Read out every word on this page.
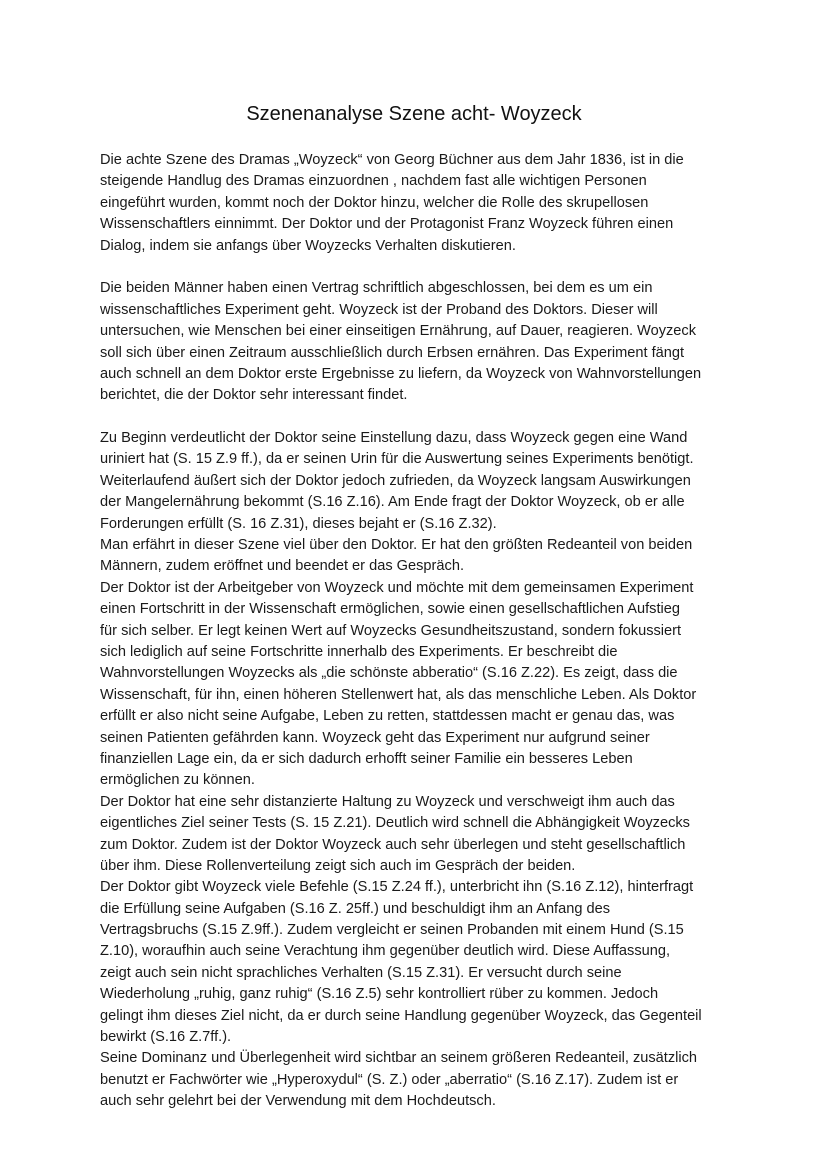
Szenenanalyse Szene acht- Woyzeck
Die achte Szene des Dramas „Woyzeck“ von Georg Büchner aus dem Jahr 1836, ist in die
steigende Handlug des Dramas einzuordnen , nachdem fast alle wichtigen Personen
eingeführt wurden, kommt noch der Doktor hinzu, welcher die Rolle des skrupellosen
Wissenschaftlers einnimmt. Der Doktor und der Protagonist Franz Woyzeck führen einen
Dialog, indem sie anfangs über Woyzecks Verhalten diskutieren.
Die beiden Männer haben einen Vertrag schriftlich abgeschlossen, bei dem es um ein
wissenschaftliches Experiment geht. Woyzeck ist der Proband des Doktors. Dieser will
untersuchen, wie Menschen bei einer einseitigen Ernährung, auf Dauer, reagieren. Woyzeck
soll sich über einen Zeitraum ausschließlich durch Erbsen ernähren. Das Experiment fängt
auch schnell an dem Doktor erste Ergebnisse zu liefern, da Woyzeck von Wahnvorstellungen
berichtet, die der Doktor sehr interessant findet.
Zu Beginn verdeutlicht der Doktor seine Einstellung dazu, dass Woyzeck gegen eine Wand
uriniert hat (S. 15 Z.9 ff.), da er seinen Urin für die Auswertung seines Experiments benötigt.
Weiterlaufend äußert sich der Doktor jedoch zufrieden, da Woyzeck langsam Auswirkungen
der Mangelernährung bekommt (S.16 Z.16). Am Ende fragt der Doktor Woyzeck, ob er alle
Forderungen erfüllt (S. 16 Z.31), dieses bejaht er (S.16 Z.32).
Man erfährt in dieser Szene viel über den Doktor. Er hat den größten Redeanteil von beiden
Männern, zudem eröffnet und beendet er das Gespräch.
Der Doktor ist der Arbeitgeber von Woyzeck und möchte mit dem gemeinsamen Experiment
einen Fortschritt in der Wissenschaft ermöglichen, sowie einen gesellschaftlichen Aufstieg
für sich selber. Er legt keinen Wert auf Woyzecks Gesundheitszustand, sondern fokussiert
sich lediglich auf seine Fortschritte innerhalb des Experiments. Er beschreibt die
Wahnvorstellungen Woyzecks als „die schönste abberatio“ (S.16 Z.22). Es zeigt, dass die
Wissenschaft, für ihn, einen höheren Stellenwert hat, als das menschliche Leben. Als Doktor
erfüllt er also nicht seine Aufgabe, Leben zu retten, stattdessen macht er genau das, was
seinen Patienten gefährden kann. Woyzeck geht das Experiment nur aufgrund seiner
finanziellen Lage ein, da er sich dadurch erhofft seiner Familie ein besseres Leben
ermöglichen zu können.
Der Doktor hat eine sehr distanzierte Haltung zu Woyzeck und verschweigt ihm auch das
eigentliches Ziel seiner Tests (S. 15 Z.21). Deutlich wird schnell die Abhängigkeit Woyzecks
zum Doktor. Zudem ist der Doktor Woyzeck auch sehr überlegen und steht gesellschaftlich
über ihm. Diese Rollenverteilung zeigt sich auch im Gespräch der beiden.
Der Doktor gibt Woyzeck viele Befehle (S.15 Z.24 ff.), unterbricht ihn (S.16 Z.12), hinterfragt
die Erfüllung seine Aufgaben (S.16 Z. 25ff.) und beschuldigt ihm an Anfang des
Vertragsbruchs (S.15 Z.9ff.). Zudem vergleicht er seinen Probanden mit einem Hund (S.15
Z.10), woraufhin auch seine Verachtung ihm gegenüber deutlich wird. Diese Auffassung,
zeigt auch sein nicht sprachliches Verhalten (S.15 Z.31). Er versucht durch seine
Wiederholung „ruhig, ganz ruhig“ (S.16 Z.5) sehr kontrolliert rüber zu kommen. Jedoch
gelingt ihm dieses Ziel nicht, da er durch seine Handlung gegenüber Woyzeck, das Gegenteil
bewirkt (S.16 Z.7ff.).
Seine Dominanz und Überlegenheit wird sichtbar an seinem größeren Redeanteil, zusätzlich
benutzt er Fachwörter wie „Hyperoxydul“ (S. Z.) oder „aberratio“ (S.16 Z.17). Zudem ist er
auch sehr gelehrt bei der Verwendung mit dem Hochdeutsch.
